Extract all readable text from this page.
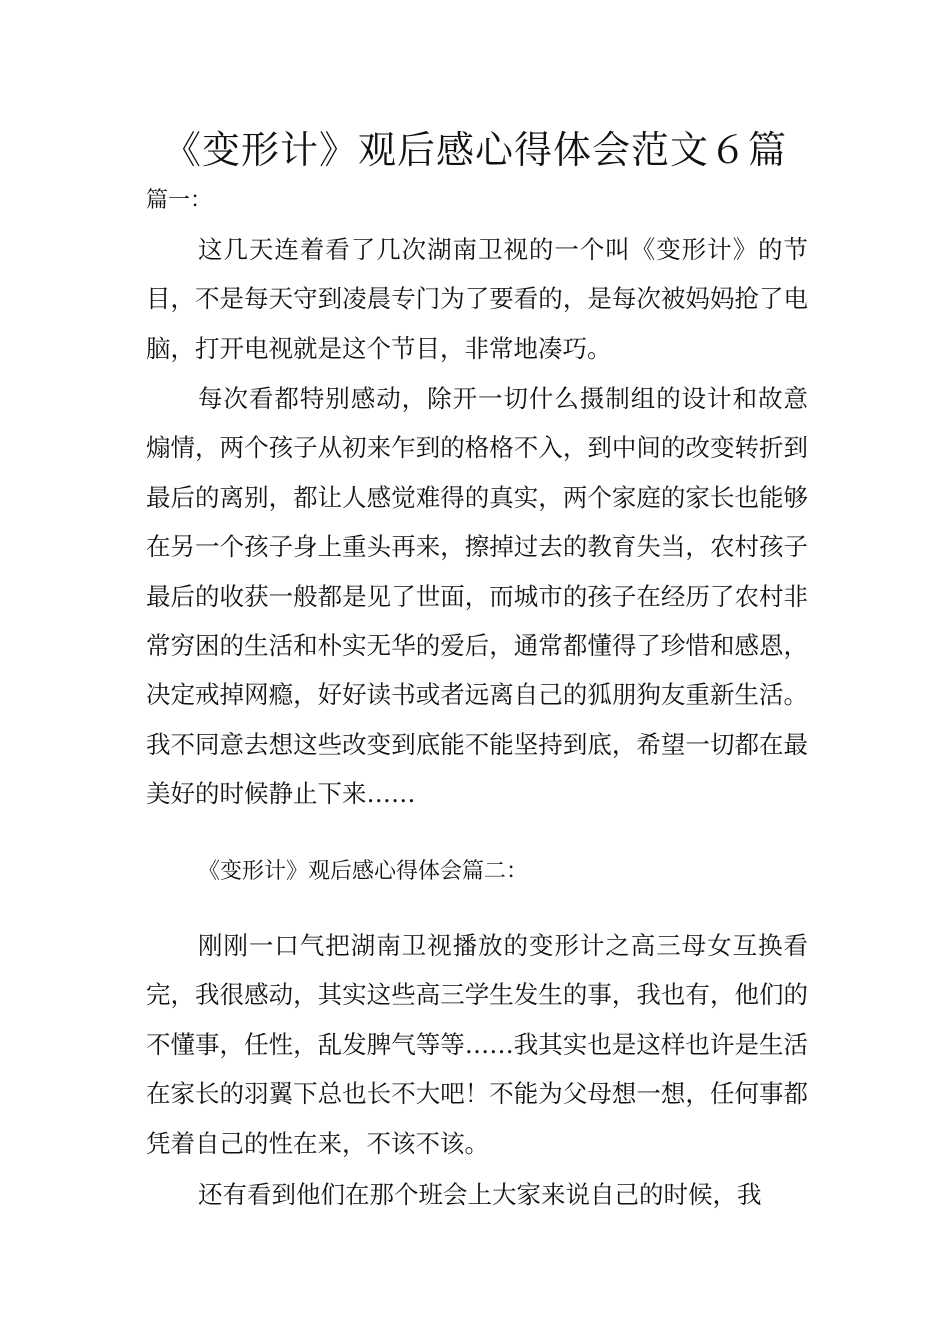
《变形计》观后感心得体会范文６篇
篇一：

这几天连着看了几次湖南卫视的一个叫《变形计》的节目，不是每天守到凌晨专门为了要看的，是每次被妈妈抢了电脑，打开电视就是这个节目，非常地凑巧。

每次看都特别感动，除开一切什么摄制组的设计和故意煽情，两个孩子从初来乍到的格格不入，到中间的改变转折到最后的离别，都让人感觉难得的真实，两个家庭的家长也能够在另一个孩子身上重头再来，擦掉过去的教育失当，农村孩子最后的收获一般都是见了世面，而城市的孩子在经历了农村非常穷困的生活和朴实无华的爱后，通常都懂得了珍惜和感恩，决定戒掉网瘾，好好读书或者远离自己的狐朋狗友重新生活。我不同意去想这些改变到底能不能坚持到底，希望一切都在最美好的时候静止下来……

《变形计》观后感心得体会篇二：

刚刚一口气把湖南卫视播放的变形计之高三母女互换看完，我很感动，其实这些高三学生发生的事，我也有，他们的不懂事，任性，乱发脾气等等……我其实也是这样也许是生活在家长的羽翼下总也长不大吧！不能为父母想一想，任何事都凭着自己的性在来，不该不该。

还有看到他们在那个班会上大家来说自己的时候，我
